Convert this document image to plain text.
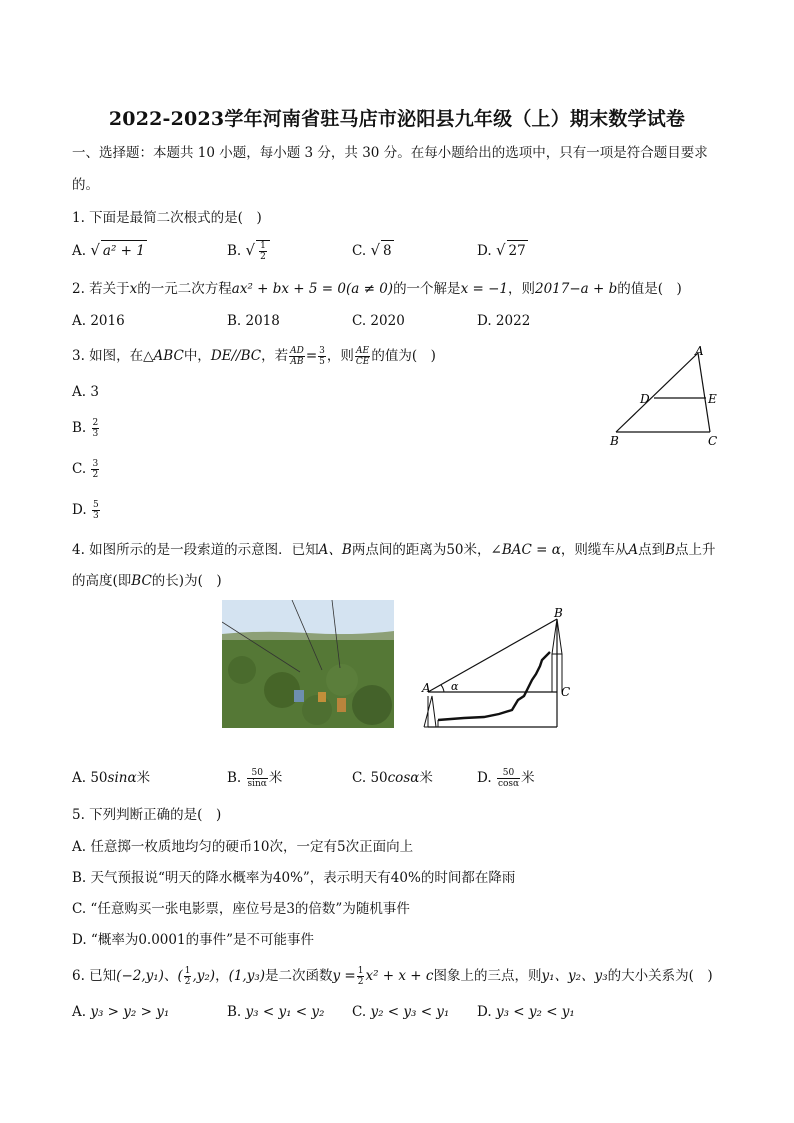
2022-2023学年河南省驻马店市泌阳县九年级（上）期末数学试卷
一、选择题：本题共 10 小题，每小题 3 分，共 30 分。在每小题给出的选项中，只有一项是符合题目要求
的。
1. 下面是最简二次根式的是(　)
A. √ a² + 1	B. √ $\frac{1}{2}$	C. √ 8	D. √ 27
2. 若关于x的一元二次方程ax² + bx + 5 = 0(a ≠ 0)的一个解是x = −1，则2017−a + b的值是(　)
A. 2016	B. 2018	C. 2020	D. 2022
3. 如图，在△ABC中，DE//BC，若 $\frac{AD}{AB} = \frac{3}{5}$ ，则 $\frac{AE}{CE}$ 的值为(　)
A. 3
B. $\frac{2}{3}$
C. $\frac{3}{2}$
D. $\frac{5}{3}$
A
D	E
B	C
4. 如图所示的是一段索道的示意图．已知A、B两点间的距离为50米，∠BAC = α，则缆车从A点到B点上升
的高度(即BC的长)为(　)
A
B
C
α
A. 50sinα米	B. $\frac{50}{\sin\alpha}$ 米	C. 50cosα米	D. $\frac{50}{\cos\alpha}$ 米
5. 下列判断正确的是(　)
A. 任意掷一枚质地均匀的硬币10次，一定有5次正面向上
B. 天气预报说“明天的降水概率为40%”，表示明天有40%的时间都在降雨
C. “任意购买一张电影票，座位号是3的倍数”为随机事件
D. “概率为0.0001的事件”是不可能事件
6. 已知(−2,y₁)、( $\frac{1}{2} ,y_2$)，(1,y₃)是二次函数$y = \frac{1}{2} x^2 + x + c$图象上的三点，则y₁、y₂、y₃的大小关系为(　)
A. y₃ > y₂ > y₁	B. y₃ < y₁ < y₂ C. y₂ < y₃ < y₁ D. y₃ < y₂ < y₁
